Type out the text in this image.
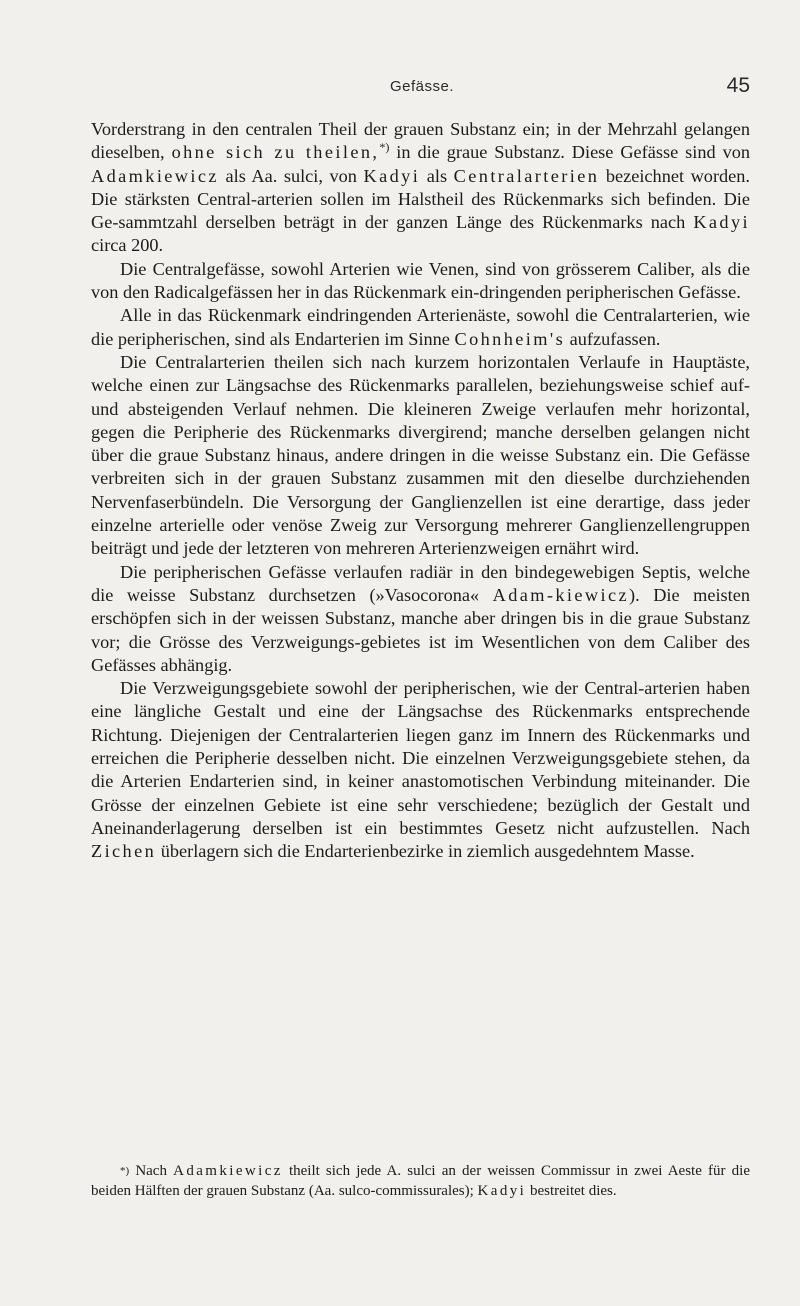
Gefässe.	45

Vorderstrang in den centralen Theil der grauen Substanz ein; in der Mehrzahl gelangen dieselben, ohne sich zu theilen,*) in die graue Substanz. Diese Gefässe sind von Adamkiewicz als Aa. sulci, von Kadyi als Centralarterien bezeichnet worden. Die stärksten Central-arterien sollen im Halstheil des Rückenmarks sich befinden. Die Ge-sammtzahl derselben beträgt in der ganzen Länge des Rückenmarks nach Kadyi circa 200.

Die Centralgefässe, sowohl Arterien wie Venen, sind von grösserem Caliber, als die von den Radicalgefässen her in das Rückenmark ein-dringenden peripherischen Gefässe.

Alle in das Rückenmark eindringenden Arterienäste, sowohl die Centralarterien, wie die peripherischen, sind als Endarterien im Sinne Cohnheim's aufzufassen.

Die Centralarterien theilen sich nach kurzem horizontalen Verlaufe in Hauptäste, welche einen zur Längsachse des Rückenmarks parallelen, beziehungsweise schief auf- und absteigenden Verlauf nehmen. Die kleineren Zweige verlaufen mehr horizontal, gegen die Peripherie des Rückenmarks divergirend; manche derselben gelangen nicht über die graue Substanz hinaus, andere dringen in die weisse Substanz ein. Die Gefässe verbreiten sich in der grauen Substanz zusammen mit den dieselbe durchziehenden Nervenfaserbündeln. Die Versorgung der Ganglienzellen ist eine derartige, dass jeder einzelne arterielle oder venöse Zweig zur Versorgung mehrerer Ganglienzellengruppen beiträgt und jede der letzteren von mehreren Arterienzweigen ernährt wird.

Die peripherischen Gefässe verlaufen radiär in den bindegewebigen Septis, welche die weisse Substanz durchsetzen (»Vasocorona« Adam-kiewicz). Die meisten erschöpfen sich in der weissen Substanz, manche aber dringen bis in die graue Substanz vor; die Grösse des Verzweigungs-gebietes ist im Wesentlichen von dem Caliber des Gefässes abhängig.

Die Verzweigungsgebiete sowohl der peripherischen, wie der Central-arterien haben eine längliche Gestalt und eine der Längsachse des Rückenmarks entsprechende Richtung. Diejenigen der Centralarterien liegen ganz im Innern des Rückenmarks und erreichen die Peripherie desselben nicht. Die einzelnen Verzweigungsgebiete stehen, da die Arterien Endarterien sind, in keiner anastomotischen Verbindung miteinander. Die Grösse der einzelnen Gebiete ist eine sehr verschiedene; bezüglich der Gestalt und Aneinanderlagerung derselben ist ein bestimmtes Gesetz nicht aufzustellen. Nach Zichen überlagern sich die Endarterienbezirke in ziemlich ausgedehntem Masse.

*) Nach Adamkiewicz theilt sich jede A. sulci an der weissen Commissur in zwei Aeste für die beiden Hälften der grauen Substanz (Aa. sulco-commissurales); Kadyi bestreitet dies.
